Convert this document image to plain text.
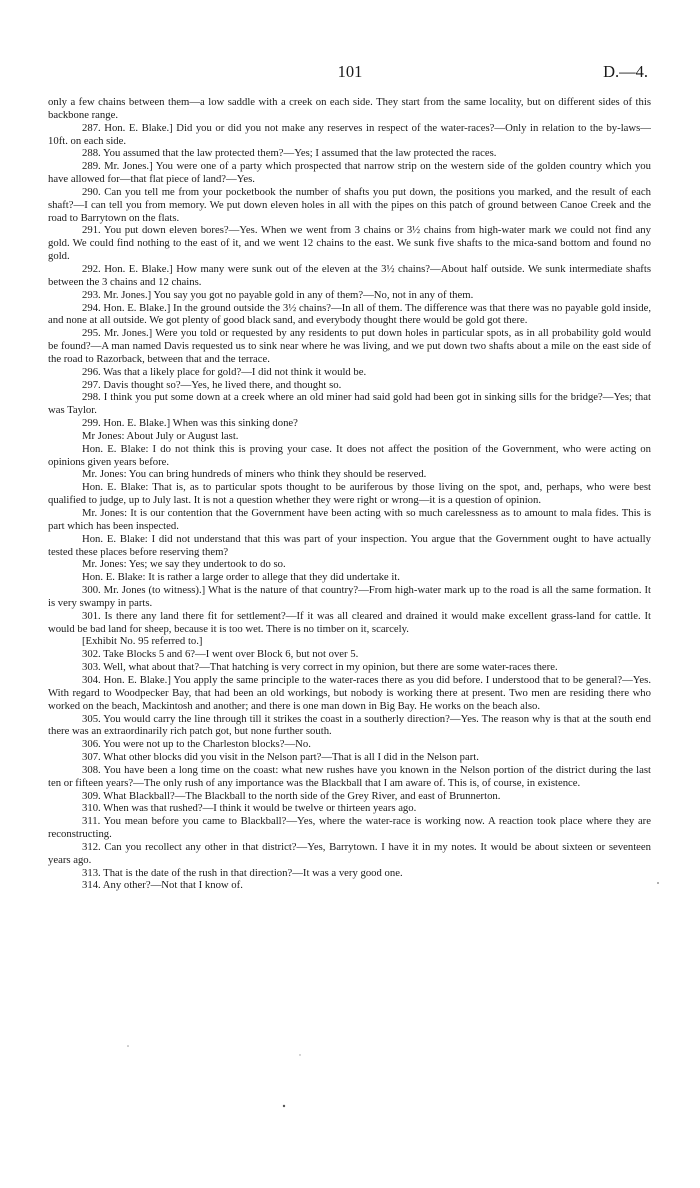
101	D.—4.

only a few chains between them—a low saddle with a creek on each side. They start from the same locality, but on different sides of this backbone range.

287. Hon. E. Blake.] Did you or did you not make any reserves in respect of the water-races?—Only in relation to the by-laws—10ft. on each side.

288. You assumed that the law protected them?—Yes; I assumed that the law protected the races.

289. Mr. Jones.] You were one of a party which prospected that narrow strip on the western side of the golden country which you have allowed for—that flat piece of land?—Yes.

290. Can you tell me from your pocketbook the number of shafts you put down, the positions you marked, and the result of each shaft?—I can tell you from memory. We put down eleven holes in all with the pipes on this patch of ground between Canoe Creek and the road to Barrytown on the flats.

291. You put down eleven bores?—Yes. When we went from 3 chains or 3½ chains from high-water mark we could not find any gold. We could find nothing to the east of it, and we went 12 chains to the east. We sunk five shafts to the mica-sand bottom and found no gold.

292. Hon. E. Blake.] How many were sunk out of the eleven at the 3½ chains?—About half outside. We sunk intermediate shafts between the 3 chains and 12 chains.

293. Mr. Jones.] You say you got no payable gold in any of them?—No, not in any of them.

294. Hon. E. Blake.] In the ground outside the 3½ chains?—In all of them. The difference was that there was no payable gold inside, and none at all outside. We got plenty of good black sand, and everybody thought there would be gold got there.

295. Mr. Jones.] Were you told or requested by any residents to put down holes in particular spots, as in all probability gold would be found?—A man named Davis requested us to sink near where he was living, and we put down two shafts about a mile on the east side of the road to Razorback, between that and the terrace.

296. Was that a likely place for gold?—I did not think it would be.

297. Davis thought so?—Yes, he lived there, and thought so.

298. I think you put some down at a creek where an old miner had said gold had been got in sinking sills for the bridge?—Yes; that was Taylor.

299. Hon. E. Blake.] When was this sinking done?

Mr Jones: About July or August last.

Hon. E. Blake: I do not think this is proving your case. It does not affect the position of the Government, who were acting on opinions given years before.

Mr. Jones: You can bring hundreds of miners who think they should be reserved.

Hon. E. Blake: That is, as to particular spots thought to be auriferous by those living on the spot, and, perhaps, who were best qualified to judge, up to July last. It is not a question whether they were right or wrong—it is a question of opinion.

Mr. Jones: It is our contention that the Government have been acting with so much carelessness as to amount to mala fides. This is part which has been inspected.

Hon. E. Blake: I did not understand that this was part of your inspection. You argue that the Government ought to have actually tested these places before reserving them?

Mr. Jones: Yes; we say they undertook to do so.

Hon. E. Blake: It is rather a large order to allege that they did undertake it.

300. Mr. Jones (to witness).] What is the nature of that country?—From high-water mark up to the road is all the same formation. It is very swampy in parts.

301. Is there any land there fit for settlement?—If it was all cleared and drained it would make excellent grass-land for cattle. It would be bad land for sheep, because it is too wet. There is no timber on it, scarcely.

[Exhibit No. 95 referred to.]

302. Take Blocks 5 and 6?—I went over Block 6, but not over 5.

303. Well, what about that?—That hatching is very correct in my opinion, but there are some water-races there.

304. Hon. E. Blake.] You apply the same principle to the water-races there as you did before. I understood that to be general?—Yes. With regard to Woodpecker Bay, that had been an old workings, but nobody is working there at present. Two men are residing there who worked on the beach, Mackintosh and another; and there is one man down in Big Bay. He works on the beach also.

305. You would carry the line through till it strikes the coast in a southerly direction?—Yes. The reason why is that at the south end there was an extraordinarily rich patch got, but none further south.

306. You were not up to the Charleston blocks?—No.

307. What other blocks did you visit in the Nelson part?—That is all I did in the Nelson part.

308. You have been a long time on the coast: what new rushes have you known in the Nelson portion of the district during the last ten or fifteen years?—The only rush of any importance was the Blackball that I am aware of. This is, of course, in existence.

309. What Blackball?—The Blackball to the north side of the Grey River, and east of Brunnerton.

310. When was that rushed?—I think it would be twelve or thirteen years ago.

311. You mean before you came to Blackball?—Yes, where the water-race is working now. A reaction took place where they are reconstructing.

312. Can you recollect any other in that district?—Yes, Barrytown. I have it in my notes. It would be about sixteen or seventeen years ago.

313. That is the date of the rush in that direction?—It was a very good one.

314. Any other?—Not that I know of.
